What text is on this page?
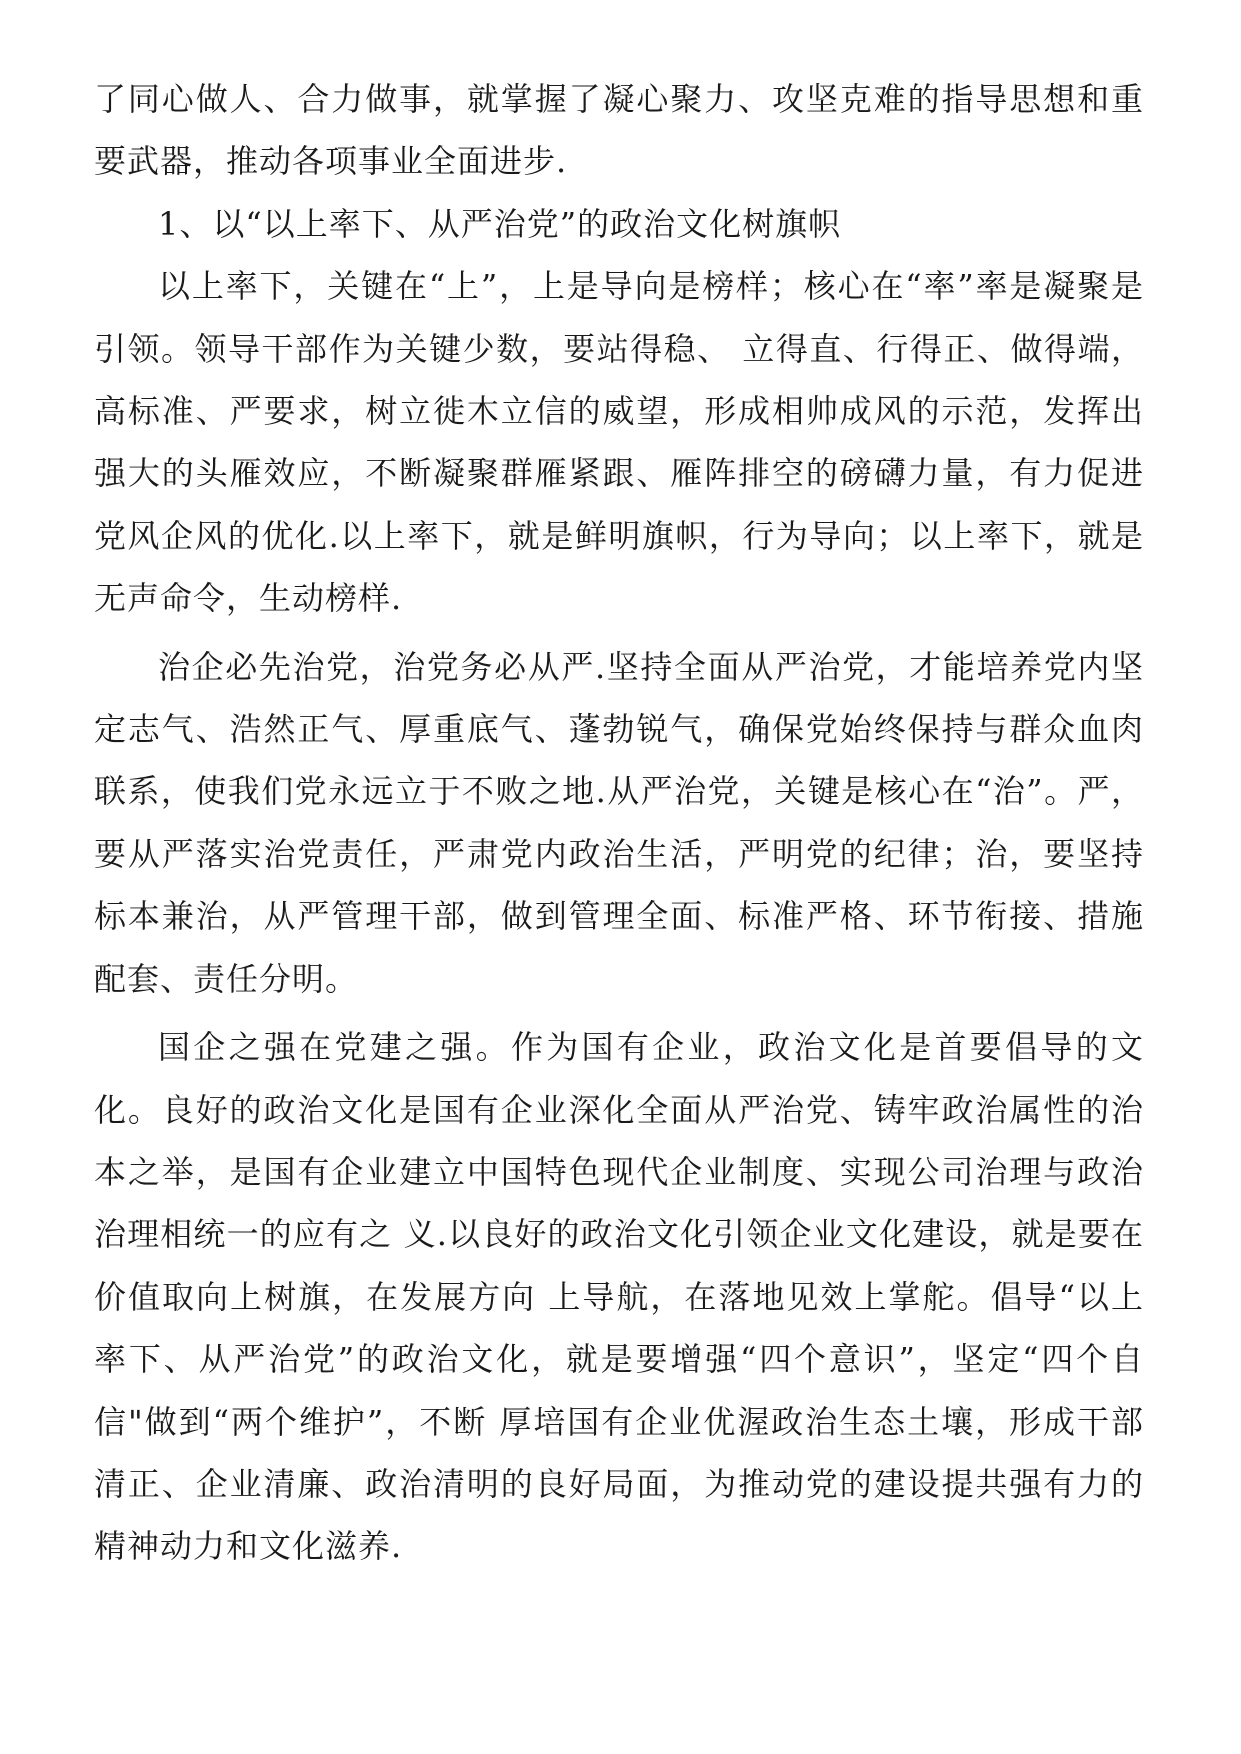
了同心做人、合力做事，就掌握了凝心聚力、攻坚克难的指导思想和重要武器，推动各项事业全面进步.

1、以“以上率下、从严治党”的政治文化树旗帜

以上率下，关键在“上”，上是导向是榜样；核心在“率”率是凝聚是引领。领导干部作为关键少数，要站得稳、 立得直、行得正、做得端，高标准、严要求，树立徙木立信的威望，形成相帅成风的示范，发挥出强大的头雁效应，不断凝聚群雁紧跟、雁阵排空的磅礴力量，有力促进党风企风的优化.以上率下，就是鲜明旗帜，行为导向；以上率下，就是无声命令，生动榜样.

治企必先治党，治党务必从严.坚持全面从严治党，才能培养党内坚定志气、浩然正气、厚重底气、蓬勃锐气，确保党始终保持与群众血肉联系，使我们党永远立于不败之地.从严治党，关键是核心在“治”。严，要从严落实治党责任，严肃党内政治生活，严明党的纪律；治，要坚持标本兼治，从严管理干部，做到管理全面、标准严格、环节衔接、措施配套、责任分明。

国企之强在党建之强。作为国有企业，政治文化是首要倡导的文化。良好的政治文化是国有企业深化全面从严治党、铸牢政治属性的治本之举，是国有企业建立中国特色现代企业制度、实现公司治理与政治治理相统一的应有之 义.以良好的政治文化引领企业文化建设，就是要在价值取向上树旗，在发展方向 上导航，在落地见效上掌舵。倡导“以上率下、从严治党”的政治文化，就是要增强“四个意识”，坚定“四个自信"做到“两个维护”，不断 厚培国有企业优渥政治生态土壤，形成干部清正、企业清廉、政治清明的良好局面，为推动党的建设提共强有力的精神动力和文化滋养.
